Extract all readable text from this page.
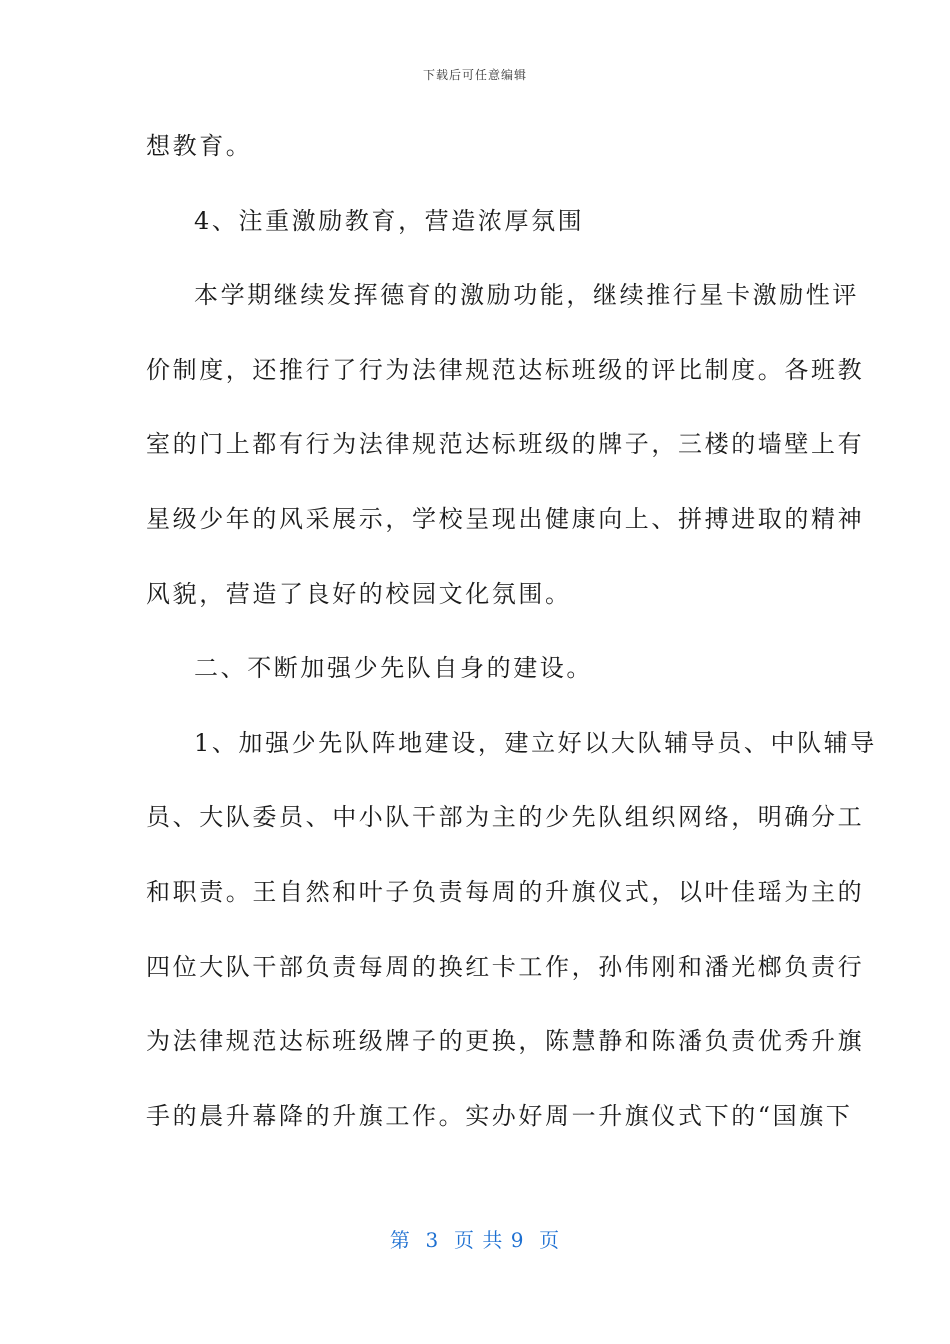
下载后可任意编辑
想教育。
4、注重激励教育，营造浓厚氛围
本学期继续发挥德育的激励功能，继续推行星卡激励性评
价制度，还推行了行为法律规范达标班级的评比制度。各班教
室的门上都有行为法律规范达标班级的牌子，三楼的墙壁上有
星级少年的风采展示，学校呈现出健康向上、拼搏进取的精神
风貌，营造了良好的校园文化氛围。
二、不断加强少先队自身的建设。
1、加强少先队阵地建设，建立好以大队辅导员、中队辅导
员、大队委员、中小队干部为主的少先队组织网络，明确分工
和职责。王自然和叶子负责每周的升旗仪式，以叶佳瑶为主的
四位大队干部负责每周的换红卡工作，孙伟刚和潘光榔负责行
为法律规范达标班级牌子的更换，陈慧静和陈潘负责优秀升旗
手的晨升幕降的升旗工作。实办好周一升旗仪式下的“国旗下
第  3  页 共 9  页
